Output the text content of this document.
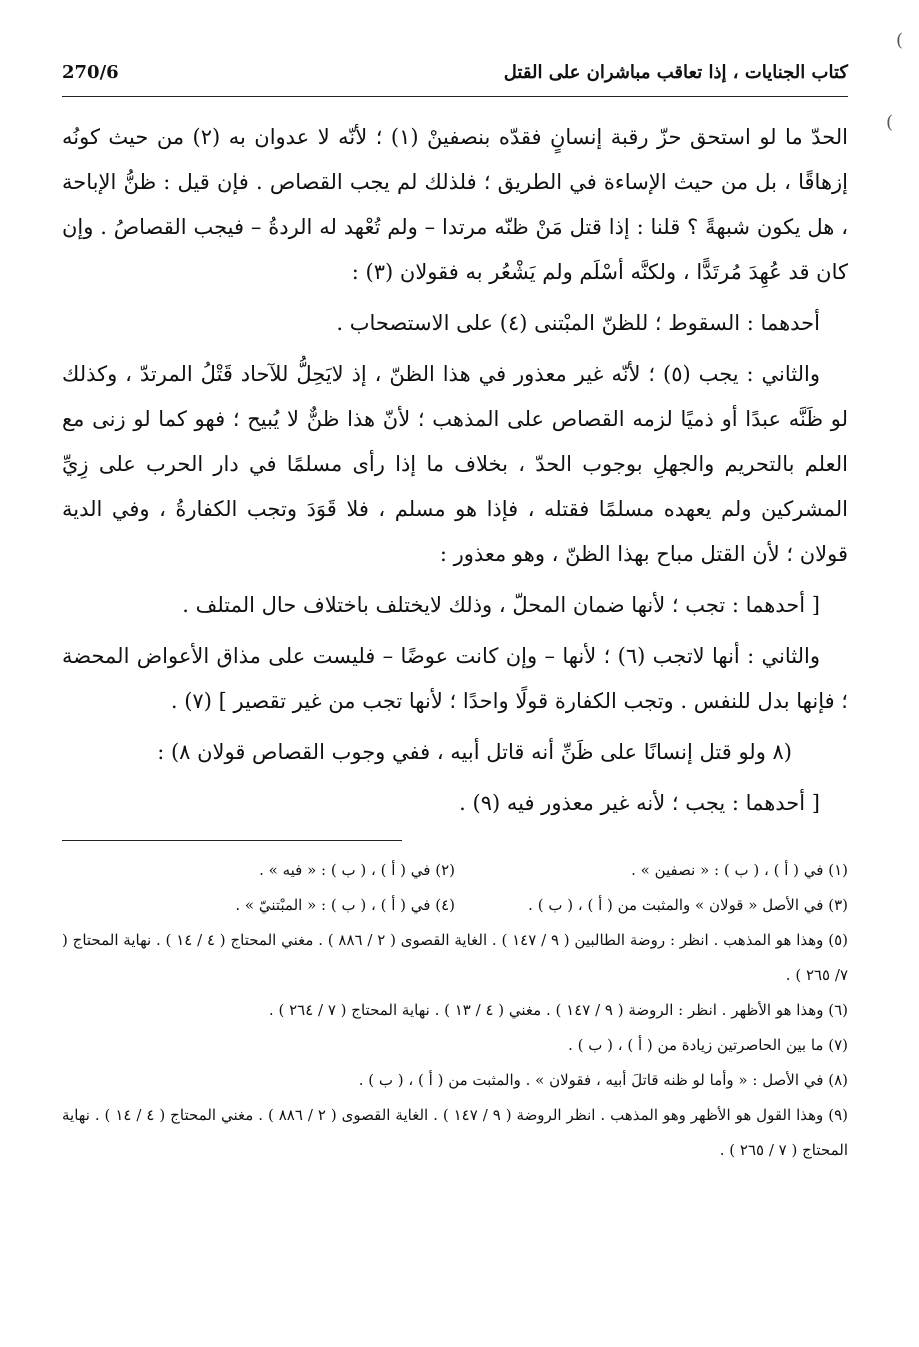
(
(
كتاب الجنايات ، إذا تعاقب مباشران على القتل
270/6

الحدّ ما لو استحق حزّ رقبة إنسانٍ فقدّه بنصفينْ (١) ؛ لأنّه لا عدوان به (٢) من حيث كونُه إزهاقًا ، بل من حيث الإساءة في الطريق ؛ فلذلك لم يجب القصاص . فإن قيل : ظنُّ الإباحة ، هل يكون شبهةً ؟ قلنا : إذا قتل مَنْ ظنّه مرتدا – ولم تُعْهد له الردةُ – فيجب القصاصُ . وإن كان قد عُهِدَ مُرتَدًّا ، ولكنَّه أسْلَم ولم يَشْعُر به فقولان (٣) :

أحدهما : السقوط ؛ للظنّ المبْتنى (٤) على الاستصحاب .

والثاني : يجب (٥) ؛ لأنّه غير معذور في هذا الظنّ ، إذ لايَحِلُّ للآحاد قَتْلُ المرتدّ ، وكذلك لو ظَنَّه عبدًا أو ذميًا لزمه القصاص على المذهب ؛ لأنّ هذا ظنٌّ لا يُبيح ؛ فهو كما لو زنى مع العلم بالتحريم والجهلِ بوجوب الحدّ ، بخلاف ما إذا رأى مسلمًا في دار الحرب على زِيِّ المشركين ولم يعهده مسلمًا فقتله ، فإذا هو مسلم ، فلا قَوَدَ وتجب الكفارةُ ، وفي الدية قولان ؛ لأن القتل مباح بهذا الظنّ ، وهو معذور :

[ أحدهما : تجب ؛ لأنها ضمان المحلّ ، وذلك لايختلف باختلاف حال المتلف .

والثاني : أنها لاتجب (٦) ؛ لأنها – وإن كانت عوضًا – فليست على مذاق الأعواض المحضة ؛ فإنها بدل للنفس . وتجب الكفارة قولًا واحدًا ؛ لأنها تجب من غير تقصير ] (٧) .

(٨ ولو قتل إنسانًا على ظَنِّ أنه قاتل أبيه ، ففي وجوب القصاص قولان ٨) :

[ أحدهما : يجب ؛ لأنه غير معذور فيه (٩) .

(١) في ( أ ) ، ( ب ) : « نصفين » .
(٢) في ( أ ) ، ( ب ) : « فيه » .
(٣) في الأصل « قولان » والمثبت من ( أ ) ، ( ب ) .
(٤) في ( أ ) ، ( ب ) : « المبْتنيّ » .

(٥) وهذا هو المذهب . انظر : روضة الطالبين ( ٩ / ١٤٧ ) . الغاية القصوى ( ٢ / ٨٨٦ ) . مغني المحتاج ( ٤ / ١٤ ) . نهاية المحتاج ( ٧/ ٢٦٥ ) .

(٦) وهذا هو الأظهر . انظر : الروضة ( ٩ / ١٤٧ ) . مغني ( ٤ / ١٣ ) . نهاية المحتاج ( ٧ / ٢٦٤ ) .

(٧) ما بين الحاصرتين زيادة من ( أ ) ، ( ب ) .

(٨) في الأصل : « وأما لو ظنه قاتلَ أبيه ، فقولان » . والمثبت من ( أ ) ، ( ب ) .

(٩) وهذا القول هو الأظهر وهو المذهب . انظر الروضة ( ٩ / ١٤٧ ) . الغاية القصوى ( ٢ / ٨٨٦ ) . مغني المحتاج ( ٤ / ١٤ ) . نهاية المحتاج ( ٧ / ٢٦٥ ) .
